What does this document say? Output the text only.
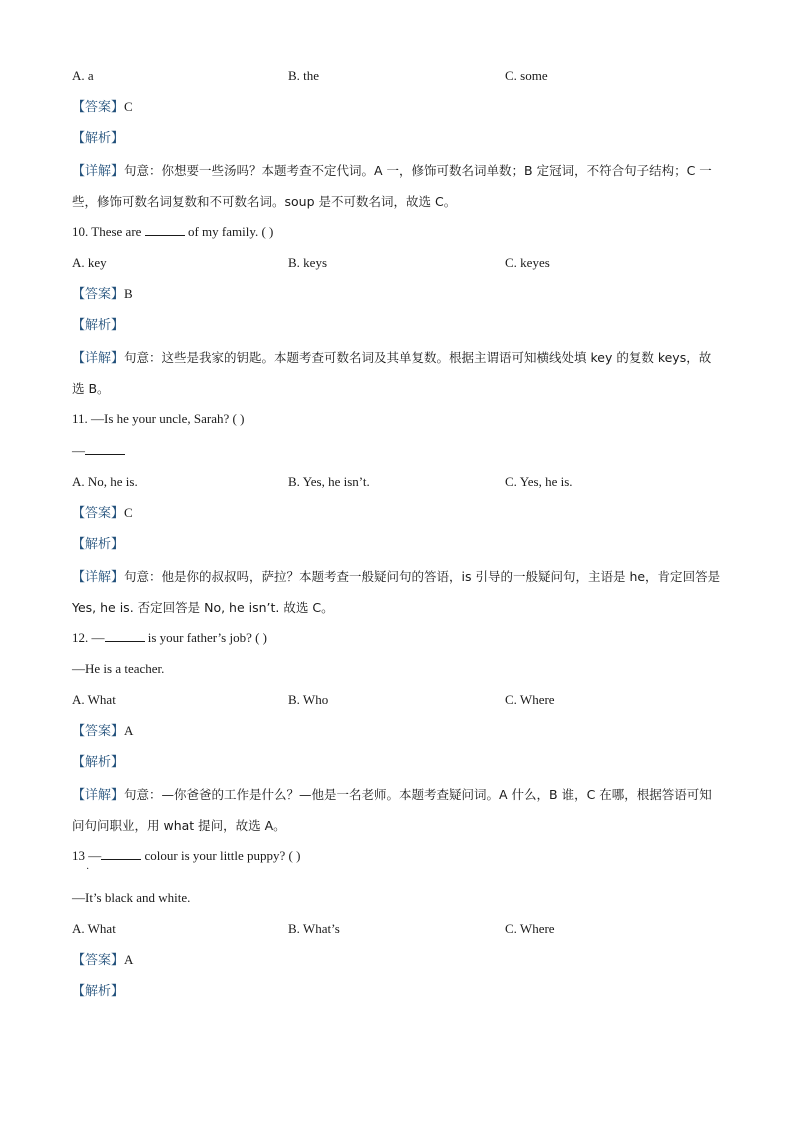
A. a	B. the	C. some
【答案】C
【解析】
【详解】句意：你想要一些汤吗？本题考查不定代词。A 一，修饰可数名词单数；B 定冠词，不符合句子结构；C 一些，修饰可数名词复数和不可数名词。soup 是不可数名词，故选 C。
10. These are	of my family. ( )
A. key	B. keys	C. keyes
【答案】B
【解析】
【详解】句意：这些是我家的钥匙。本题考查可数名词及其单复数。根据主谓语可知横线处填 key 的复数 keys，故选 B。
11. —Is he your uncle, Sarah? ( )
—
A. No, he is.	B. Yes, he isn’t.	C. Yes, he is.
【答案】C
【解析】
【详解】句意：他是你的叔叔吗，萨拉？本题考查一般疑问句的答语，is 引导的一般疑问句，主语是 he，肯定回答是 Yes, he is. 否定回答是 No, he isn’t. 故选 C。
12. —	is your father’s job? ( )
—He is a teacher.
A. What	B. Who	C. Where
【答案】A
【解析】
【详解】句意：—你爸爸的工作是什么？—他是一名老师。本题考查疑问词。A 什么，B 谁，C 在哪，根据答语可知问句问职业，用 what 提问，故选 A。
13 —	colour is your little puppy? ( )
·
—It’s black and white.
A. What	B. What’s	C. Where
【答案】A
【解析】
